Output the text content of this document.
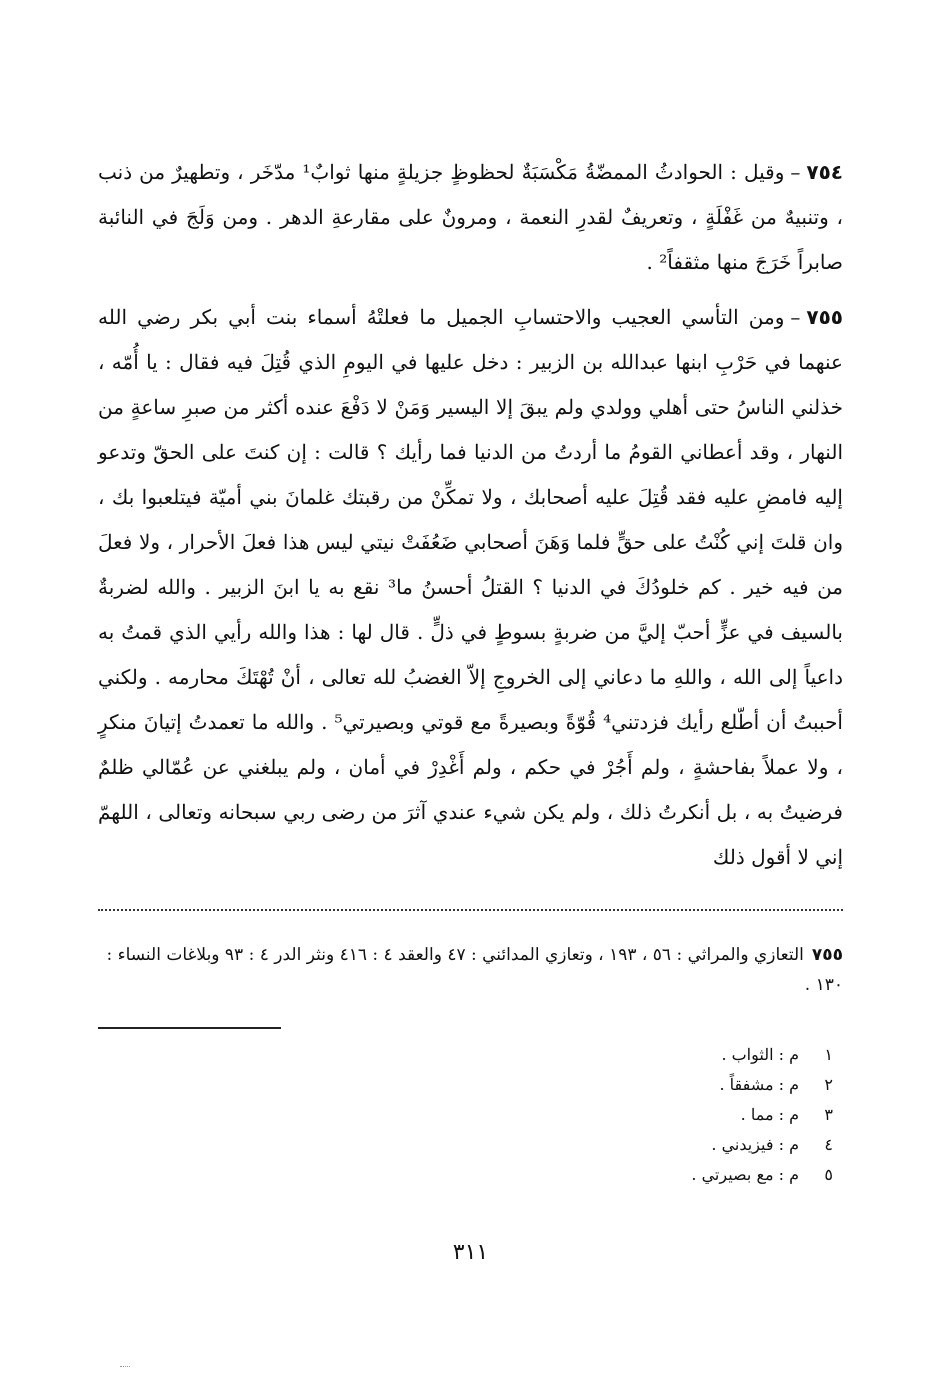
٧٥٤–وقيل : الحوادثُ الممضّةُ مَكْسَبَةٌ لحظوظٍ جزيلةٍ منها ثوابٌ¹ مدّخَر ، وتطهيرٌ من ذنب ، وتنبيهٌ من غَفْلَةٍ ، وتعريفٌ لقدرِ النعمة ، ومرونٌ على مقارعةِ الدهر . ومن وَلَجَ في النائبة صابراً خَرَجَ منها مثقفاً² .

٧٥٥–ومن التأسي العجيب والاحتسابِ الجميل ما فعلتْهُ أسماء بنت أبي بكر رضي الله عنهما في حَرْبِ ابنها عبدالله بن الزبير : دخل عليها في اليومِ الذي قُتِلَ فيه فقال : يا أُمّه ، خذلني الناسُ حتى أهلي وولدي ولم يبقَ إلا اليسير وَمَنْ لا دَفْعَ عنده أكثر من صبرِ ساعةٍ من النهار ، وقد أعطاني القومُ ما أردتُ من الدنيا فما رأيك ؟ قالت : إن كنتَ على الحقّ وتدعو إليه فامضِ عليه فقد قُتِلَ عليه أصحابك ، ولا تمكِّنْ من رقبتك غلمانَ بني أميّة فيتلعبوا بك ، وان قلتَ إني كُنْتُ على حقٍّ فلما وَهَنَ أصحابي ضَعُفَتْ نيتي ليس هذا فعلَ الأحرار ، ولا فعلَ من فيه خير . كم خلودُكَ في الدنيا ؟ القتلُ أحسنُ ما³ نقع به يا ابنَ الزبير . والله لضربةٌ بالسيف في عزٍّ أحبّ إليَّ من ضربةٍ بسوطٍ في ذلٍّ . قال لها : هذا والله رأيي الذي قمتُ به داعياً إلى الله ، واللهِ ما دعاني إلى الخروجِ إلاّ الغضبُ لله تعالى ، أنْ تُهْتَكَ محارمه . ولكني أحببتُ أن أطّلع رأيك فزدتني⁴ قُوّةً وبصيرةً مع قوتي وبصيرتي⁵ . والله ما تعمدتُ إتيانَ منكرٍ ، ولا عملاً بفاحشةٍ ، ولم أَجُرْ في حكم ، ولم أَغْدِرْ في أمان ، ولم يبلغني عن عُمّالي ظلمٌ فرضيتُ به ، بل أنكرتُ ذلك ، ولم يكن شيء عندي آثرَ من رضى ربي سبحانه وتعالى ، اللهمّ إني لا أقول ذلك

٧٥٥التعازي والمراثي : ٥٦ ، ١٩٣ ، وتعازي المدائني : ٤٧ والعقد ٤ : ٤١٦ ونثر الدر ٤ : ٩٣ وبلاغات النساء : ١٣٠ .
١
م : الثواب .
٢
م : مشفقاً .
٣
م : مما .
٤
م : فيزيدني .
٥
م : مع بصيرتي .
٣١١
